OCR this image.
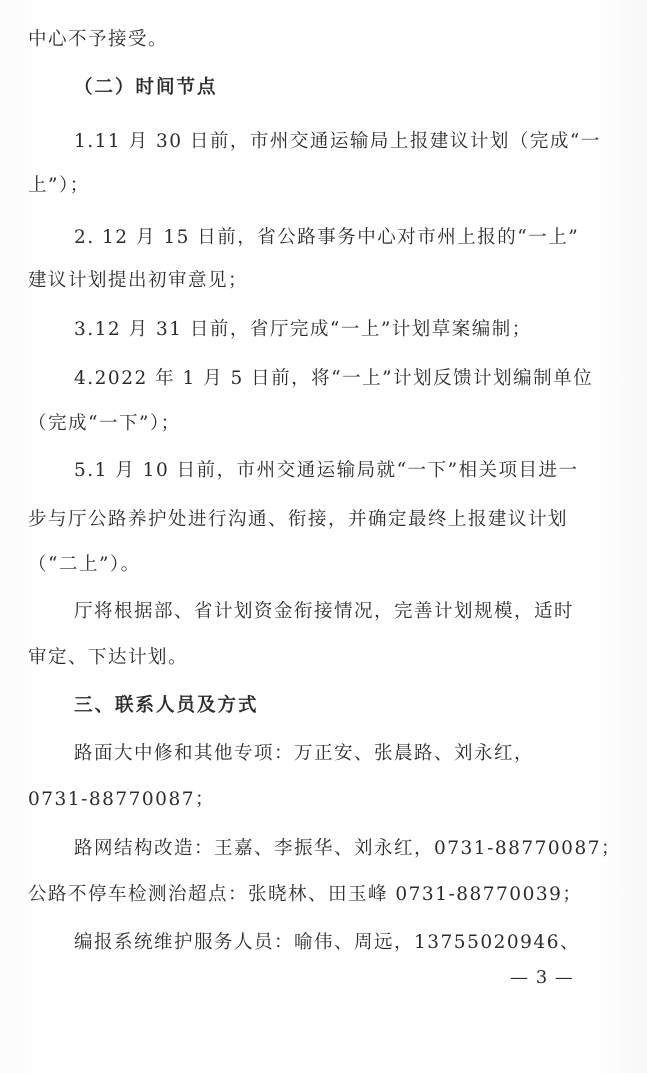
中心不予接受。
（二）时间节点
1.11 月 30 日前，市州交通运输局上报建议计划（完成“一
上”）；
2. 12 月 15 日前，省公路事务中心对市州上报的“一上”
建议计划提出初审意见；
3.12 月 31 日前，省厅完成“一上”计划草案编制；
4.2022 年 1 月 5 日前，将“一上”计划反馈计划编制单位
（完成“一下”）；
5.1 月 10 日前，市州交通运输局就“一下”相关项目进一
步与厅公路养护处进行沟通、衔接，并确定最终上报建议计划
（“二上”）。
厅将根据部、省计划资金衔接情况，完善计划规模，适时
审定、下达计划。
三、联系人员及方式
路面大中修和其他专项：万正安、张晨路、刘永红，
0731-88770087；
路网结构改造：王嘉、李振华、刘永红，0731-88770087；
公路不停车检测治超点：张晓林、田玉峰 0731-88770039；
编报系统维护服务人员：喻伟、周远，13755020946、
— 3 —
